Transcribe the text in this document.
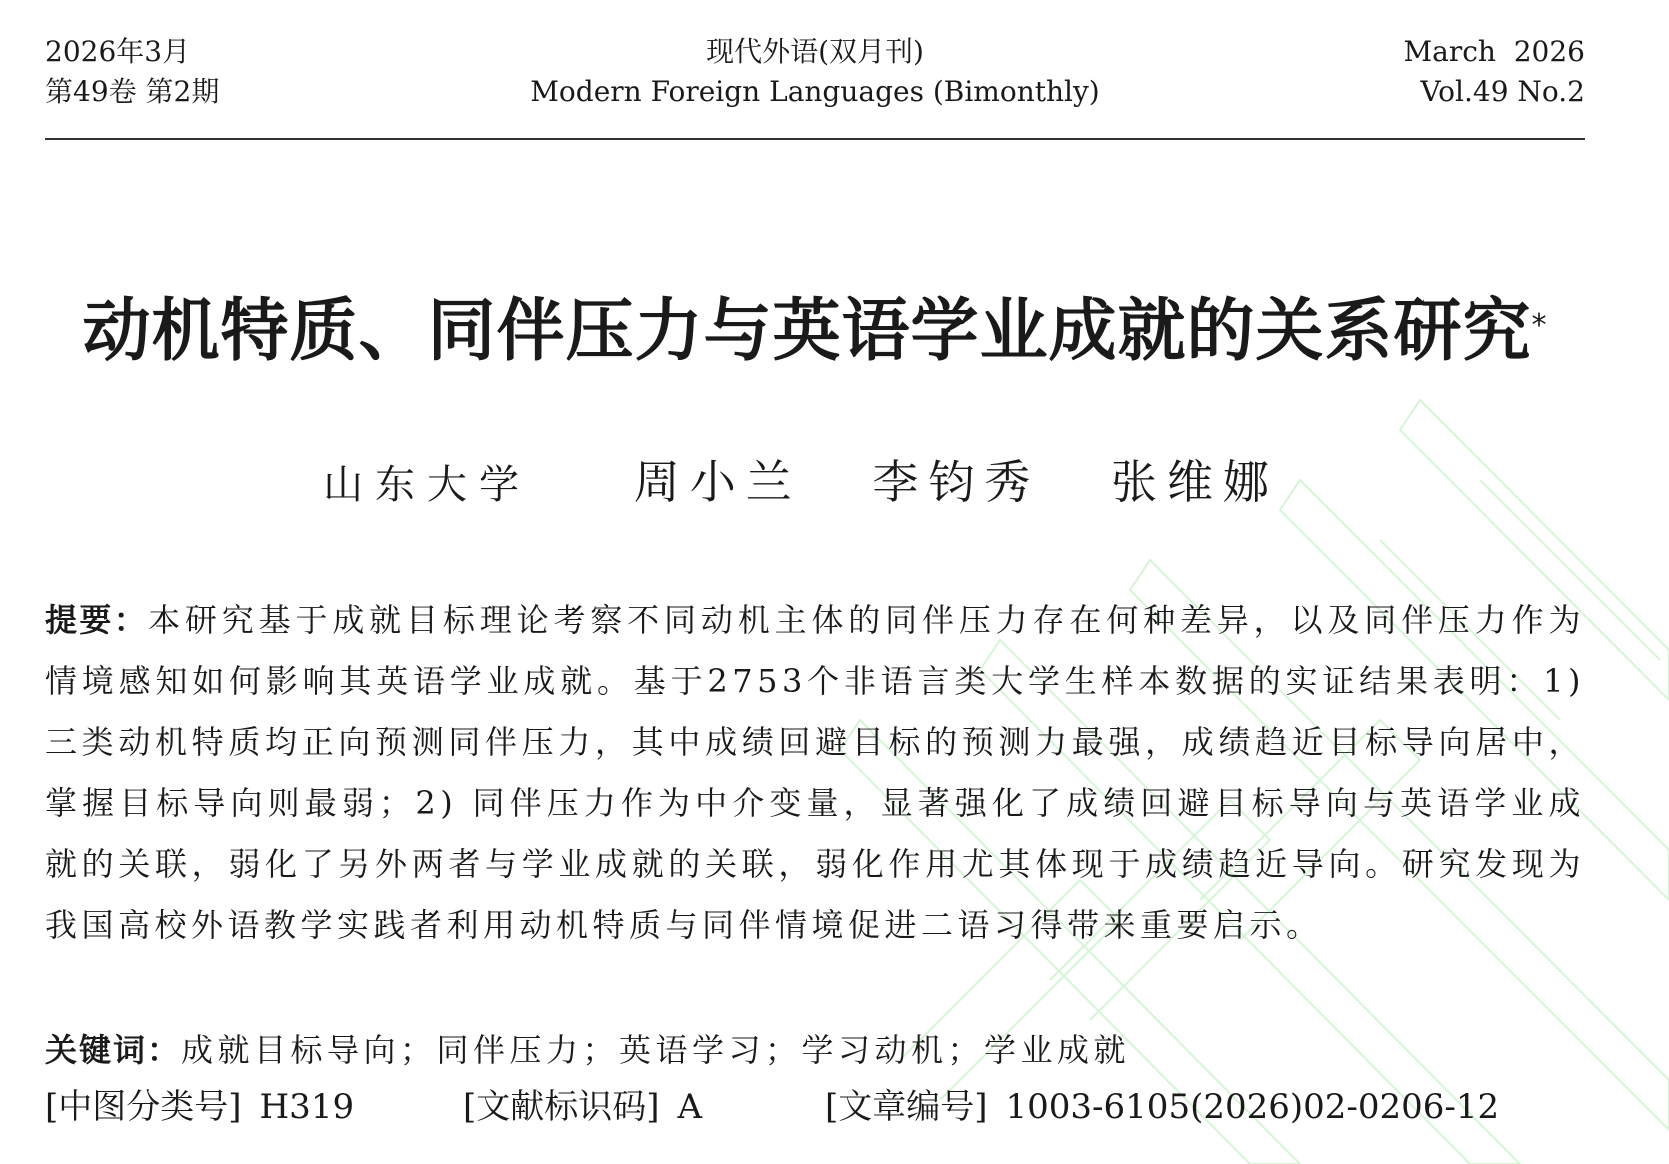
2026年3月
第49卷 第2期
现代外语(双月刊)
Modern Foreign Languages (Bimonthly)
March  2026
Vol.49 No.2
动机特质、同伴压力与英语学业成就的关系研究*
山东大学 周小兰 李钧秀 张维娜
提要：本研究基于成就目标理论考察不同动机主体的同伴压力存在何种差异，以及同伴压力作为情境感知如何影响其英语学业成就。基于2753个非语言类大学生样本数据的实证结果表明：1) 三类动机特质均正向预测同伴压力，其中成绩回避目标的预测力最强，成绩趋近目标导向居中，掌握目标导向则最弱；2) 同伴压力作为中介变量，显著强化了成绩回避目标导向与英语学业成就的关联，弱化了另外两者与学业成就的关联，弱化作用尤其体现于成绩趋近导向。研究发现为我国高校外语教学实践者利用动机特质与同伴情境促进二语习得带来重要启示。
关键词：成就目标导向；同伴压力；英语学习；学习动机；学业成就
[中图分类号] H319	[文献标识码] A	[文章编号] 1003-6105(2026)02-0206-12
